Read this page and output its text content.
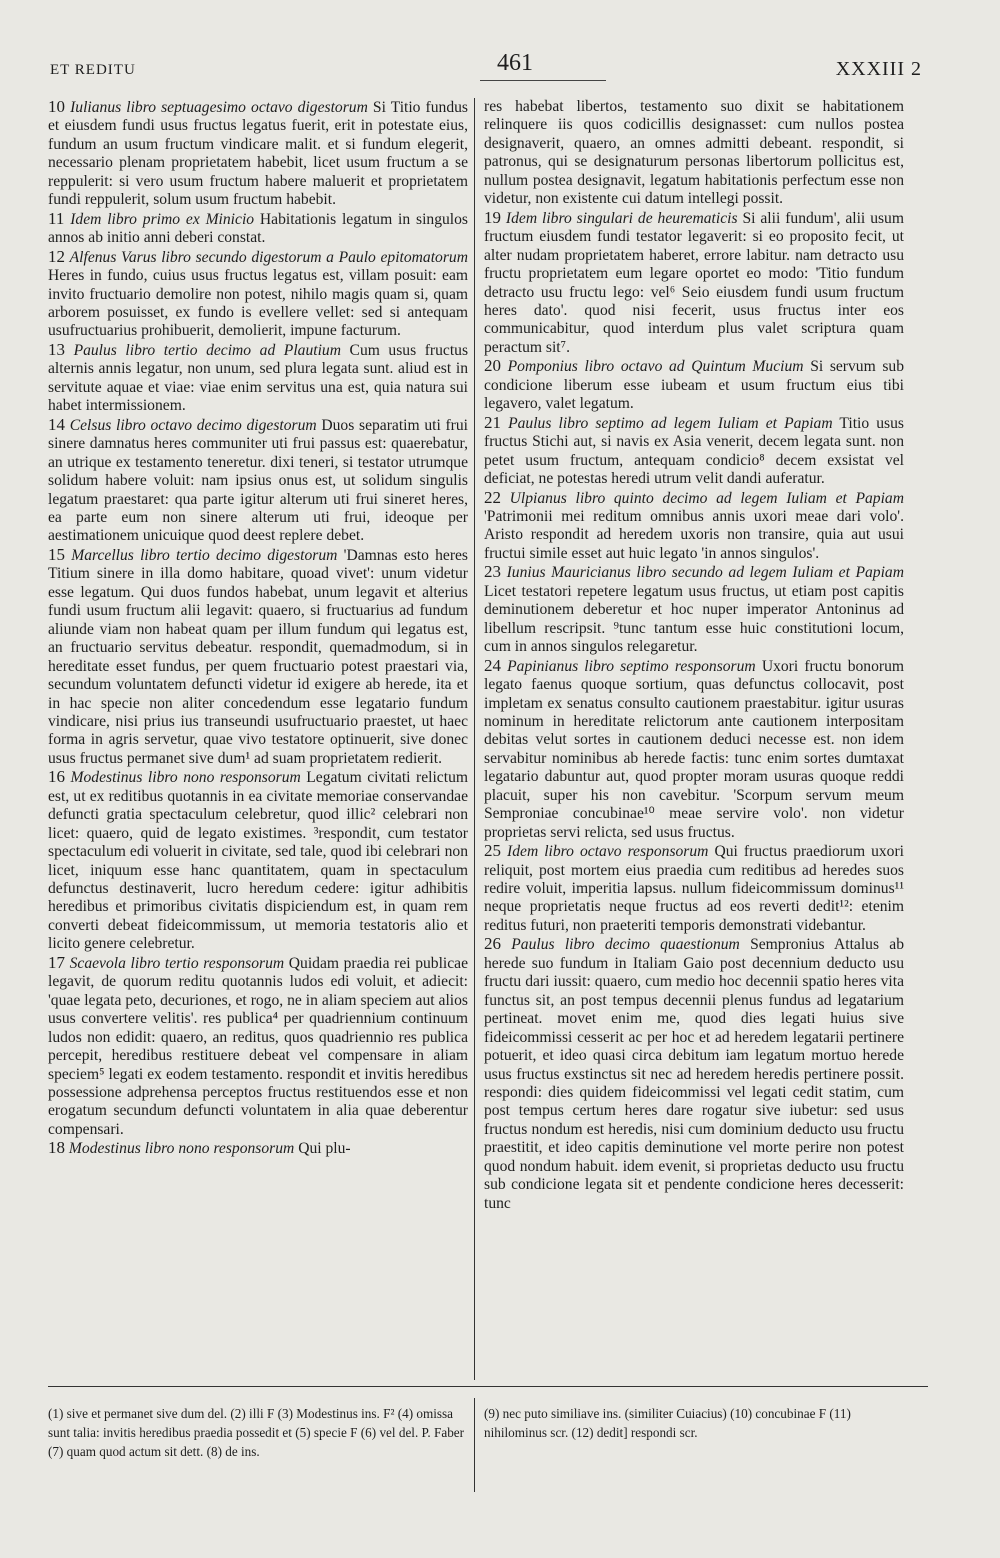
ET REDITU	461	XXXIII 2

10 Iulianus libro septuagesimo octavo digestorum Si Titio fundus et eiusdem fundi usus fructus legatus fuerit, erit in potestate eius, fundum an usum fructum vindicare malit. et si fundum elegerit, necessario plenam proprietatem habebit, licet usum fructum a se reppulerit: si vero usum fructum habere maluerit et proprietatem fundi reppulerit, solum usum fructum habebit.

11 Idem libro primo ex Minicio Habitationis legatum in singulos annos ab initio anni deberi constat.

12 Alfenus Varus libro secundo digestorum a Paulo epitomatorum Heres in fundo, cuius usus fructus legatus est, villam posuit: eam invito fructuario demolire non potest, nihilo magis quam si, quam arborem posuisset, ex fundo is evellere vellet: sed si antequam usufructuarius prohibuerit, demolierit, impune facturum.

13 Paulus libro tertio decimo ad Plautium Cum usus fructus alternis annis legatur, non unum, sed plura legata sunt. aliud est in servitute aquae et viae: viae enim servitus una est, quia natura sui habet intermissionem.

14 Celsus libro octavo decimo digestorum Duos separatim uti frui sinere damnatus heres communiter uti frui passus est: quaerebatur, an utrique ex testamento teneretur. dixi teneri, si testator utrumque solidum habere voluit: nam ipsius onus est, ut solidum singulis legatum praestaret: qua parte igitur alterum uti frui sineret heres, ea parte eum non sinere alterum uti frui, ideoque per aestimationem unicuique quod deest replere debet.

15 Marcellus libro tertio decimo digestorum 'Damnas esto heres Titium sinere in illa domo habitare, quoad vivet': unum videtur esse legatum. Qui duos fundos habebat, unum legavit et alterius fundi usum fructum alii legavit: quaero, si fructuarius ad fundum aliunde viam non habeat quam per illum fundum qui legatus est, an fructuario servitus debeatur. respondit, quemadmodum, si in hereditate esset fundus, per quem fructuario potest praestari via, secundum voluntatem defuncti videtur id exigere ab herede, ita et in hac specie non aliter concedendum esse legatario fundum vindicare, nisi prius ius transeundi usufructuario praestet, ut haec forma in agris servetur, quae vivo testatore optinuerit, sive donec usus fructus permanet sive dum¹ ad suam proprietatem redierit.

16 Modestinus libro nono responsorum Legatum civitati relictum est, ut ex reditibus quotannis in ea civitate memoriae conservandae defuncti gratia spectaculum celebretur, quod illic² celebrari non licet: quaero, quid de legato existimes. ³respondit, cum testator spectaculum edi voluerit in civitate, sed tale, quod ibi celebrari non licet, iniquum esse hanc quantitatem, quam in spectaculum defunctus destinaverit, lucro heredum cedere: igitur adhibitis heredibus et primoribus civitatis dispiciendum est, in quam rem converti debeat fideicommissum, ut memoria testatoris alio et licito genere celebretur.

17 Scaevola libro tertio responsorum Quidam praedia rei publicae legavit, de quorum reditu quotannis ludos edi voluit, et adiecit: 'quae legata peto, decuriones, et rogo, ne in aliam speciem aut alios usus convertere velitis'. res publica⁴ per quadriennium continuum ludos non edidit: quaero, an reditus, quos quadriennio res publica percepit, heredibus restituere debeat vel compensare in aliam speciem⁵ legati ex eodem testamento. respondit et invitis heredibus possessione adprehensa perceptos fructus restituendos esse et non erogatum secundum defuncti voluntatem in alia quae deberentur compensari.

18 Modestinus libro nono responsorum Qui plu-

res habebat libertos, testamento suo dixit se habitationem relinquere iis quos codicillis designasset: cum nullos postea designaverit, quaero, an omnes admitti debeant. respondit, si patronus, qui se designaturum personas libertorum pollicitus est, nullum postea designavit, legatum habitationis perfectum esse non videtur, non existente cui datum intellegi possit.

19 Idem libro singulari de heurematicis Si alii fundum', alii usum fructum eiusdem fundi testator legaverit: si eo proposito fecit, ut alter nudam proprietatem haberet, errore labitur. nam detracto usu fructu proprietatem eum legare oportet eo modo: 'Titio fundum detracto usu fructu lego: vel⁶ Seio eiusdem fundi usum fructum heres dato'. quod nisi fecerit, usus fructus inter eos communicabitur, quod interdum plus valet scriptura quam peractum sit⁷.

20 Pomponius libro octavo ad Quintum Mucium Si servum sub condicione liberum esse iubeam et usum fructum eius tibi legavero, valet legatum.

21 Paulus libro septimo ad legem Iuliam et Papiam Titio usus fructus Stichi aut, si navis ex Asia venerit, decem legata sunt. non petet usum fructum, antequam condicio⁸ decem exsistat vel deficiat, ne potestas heredi utrum velit dandi auferatur.

22 Ulpianus libro quinto decimo ad legem Iuliam et Papiam 'Patrimonii mei reditum omnibus annis uxori meae dari volo'. Aristo respondit ad heredem uxoris non transire, quia aut usui fructui simile esset aut huic legato 'in annos singulos'.

23 Iunius Mauricianus libro secundo ad legem Iuliam et Papiam Licet testatori repetere legatum usus fructus, ut etiam post capitis deminutionem deberetur et hoc nuper imperator Antoninus ad libellum rescripsit. ⁹tunc tantum esse huic constitutioni locum, cum in annos singulos relegaretur.

24 Papinianus libro septimo responsorum Uxori fructu bonorum legato faenus quoque sortium, quas defunctus collocavit, post impletam ex senatus consulto cautionem praestabitur. igitur usuras nominum in hereditate relictorum ante cautionem interpositam debitas velut sortes in cautionem deduci necesse est. non idem servabitur nominibus ab herede factis: tunc enim sortes dumtaxat legatario dabuntur aut, quod propter moram usuras quoque reddi placuit, super his non cavebitur. 'Scorpum servum meum Semproniae concubinae¹⁰ meae servire volo'. non videtur proprietas servi relicta, sed usus fructus.

25 Idem libro octavo responsorum Qui fructus praediorum uxori reliquit, post mortem eius praedia cum reditibus ad heredes suos redire voluit, imperitia lapsus. nullum fideicommissum dominus¹¹ neque proprietatis neque fructus ad eos reverti dedit¹²: etenim reditus futuri, non praeteriti temporis demonstrati videbantur.

26 Paulus libro decimo quaestionum Sempronius Attalus ab herede suo fundum in Italiam Gaio post decennium deducto usu fructu dari iussit: quaero, cum medio hoc decennii spatio heres vita functus sit, an post tempus decennii plenus fundus ad legatarium pertineat. movet enim me, quod dies legati huius sive fideicommissi cesserit ac per hoc et ad heredem legatarii pertinere potuerit, et ideo quasi circa debitum iam legatum mortuo herede usus fructus exstinctus sit nec ad heredem heredis pertinere possit. respondi: dies quidem fideicommissi vel legati cedit statim, cum post tempus certum heres dare rogatur sive iubetur: sed usus fructus nondum est heredis, nisi cum dominium deducto usu fructu praestitit, et ideo capitis deminutione vel morte perire non potest quod nondum habuit. idem evenit, si proprietas deducto usu fructu sub condicione legata sit et pendente condicione heres decesserit: tunc

(1) sive et permanet sive dum del. (2) illi F (3) Modestinus ins. F² (4) omissa sunt talia: invitis heredibus praedia possedit et (5) specie F (6) vel del. P. Faber (7) quam quod actum sit dett. (8) de ins.
(9) nec puto similiave ins. (similiter Cuiacius) (10) concubinae F (11) nihilominus scr. (12) dedit] respondi scr.
